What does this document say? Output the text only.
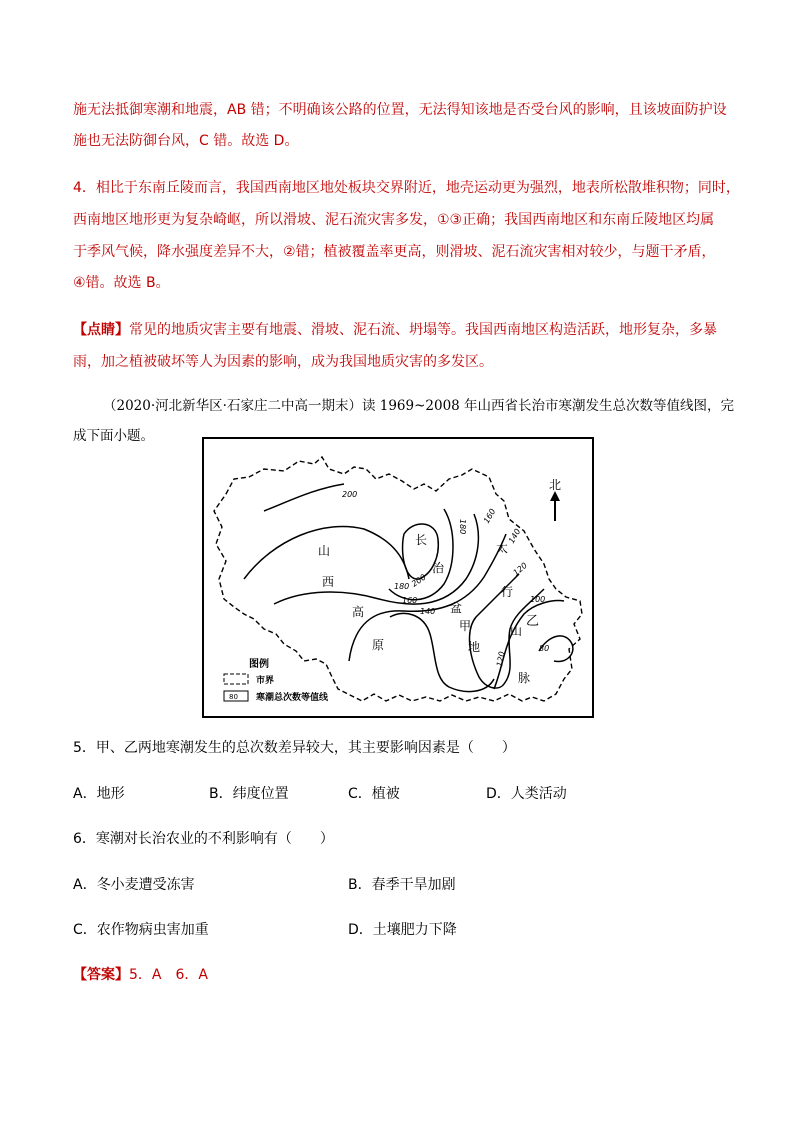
施无法抵御寒潮和地震，AB 错；不明确该公路的位置，无法得知该地是否受台风的影响，且该坡面防护设
施也无法防御台风，C 错。故选 D。
4．相比于东南丘陵而言，我国西南地区地处板块交界附近，地壳运动更为强烈，地表所松散堆积物；同时，
西南地区地形更为复杂崎岖，所以滑坡、泥石流灾害多发，①③正确；我国西南地区和东南丘陵地区均属
于季风气候，降水强度差异不大，②错；植被覆盖率更高，则滑坡、泥石流灾害相对较少，与题干矛盾，
④错。故选 B。
【点睛】常见的地质灾害主要有地震、滑坡、泥石流、坍塌等。我国西南地区构造活跃，地形复杂，多暴
雨，加之植被破坏等人为因素的影响，成为我国地质灾害的多发区。
（2020·河北新华区·石家庄二中高一期末）读 1969~2008 年山西省长治市寒潮发生总次数等值线图，完
成下面小题。
北
山
西
高
原
长
治
盆
甲
地
太
行
山
脉
乙
200
180
200
180
160
140
160
140
120
100
80
120
图例
市界
80 寒潮总次数等值线
5．甲、乙两地寒潮发生的总次数差异较大，其主要影响因素是（　　）
A．地形	B．纬度位置	C．植被	D．人类活动
6．寒潮对长治农业的不利影响有（　　）
A．冬小麦遭受冻害	B．春季干旱加剧
C．农作物病虫害加重	D．土壤肥力下降
【答案】5．A　6．A
